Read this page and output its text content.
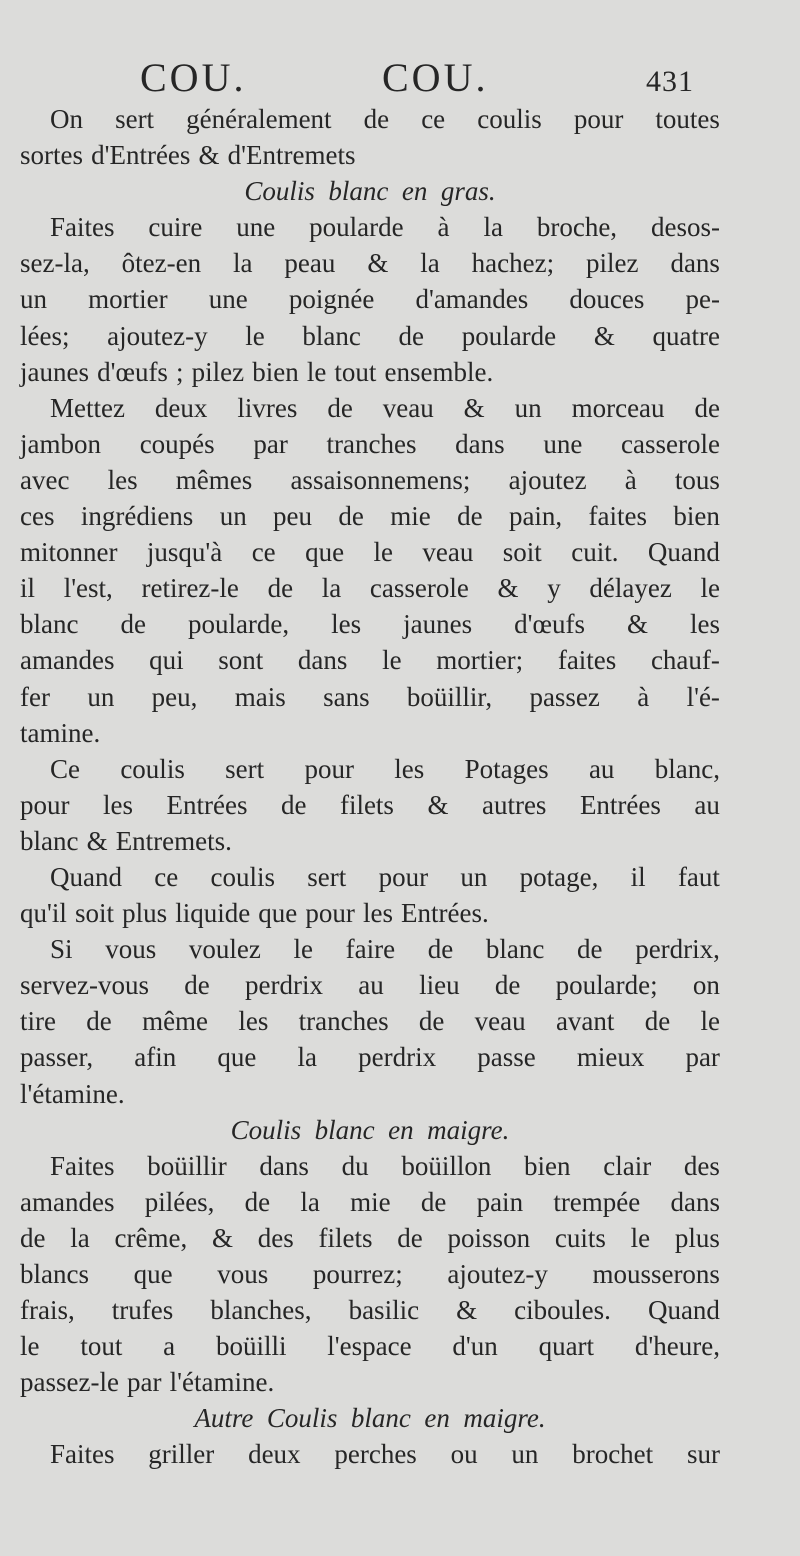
COU.	COU.	431
On sert généralement de ce coulis pour toutes
sortes d'Entrées & d'Entremets
Coulis blanc en gras.
Faites cuire une poularde à la broche, desos-
sez-la, ôtez-en la peau & la hachez; pilez dans
un mortier une poignée d'amandes douces pe-
lées; ajoutez-y le blanc de poularde & quatre
jaunes d'œufs ; pilez bien le tout ensemble.
Mettez deux livres de veau & un morceau de
jambon coupés par tranches dans une casserole
avec les mêmes assaisonnemens; ajoutez à tous
ces ingrédiens un peu de mie de pain, faites bien
mitonner jusqu'à ce que le veau soit cuit. Quand
il l'est, retirez-le de la casserole & y délayez le
blanc de poularde, les jaunes d'œufs & les
amandes qui sont dans le mortier; faites chauf-
fer un peu, mais sans boüillir, passez à l'é-
tamine.
Ce coulis sert pour les Potages au blanc,
pour les Entrées de filets & autres Entrées au
blanc & Entremets.
Quand ce coulis sert pour un potage, il faut
qu'il soit plus liquide que pour les Entrées.
Si vous voulez le faire de blanc de perdrix,
servez-vous de perdrix au lieu de poularde; on
tire de même les tranches de veau avant de le
passer, afin que la perdrix passe mieux par
l'étamine.
Coulis blanc en maigre.
Faites boüillir dans du boüillon bien clair des
amandes pilées, de la mie de pain trempée dans
de la crême, & des filets de poisson cuits le plus
blancs que vous pourrez; ajoutez-y mousserons
frais, trufes blanches, basilic & ciboules. Quand
le tout a boüilli l'espace d'un quart d'heure,
passez-le par l'étamine.
Autre Coulis blanc en maigre.
Faites griller deux perches ou un brochet sur
